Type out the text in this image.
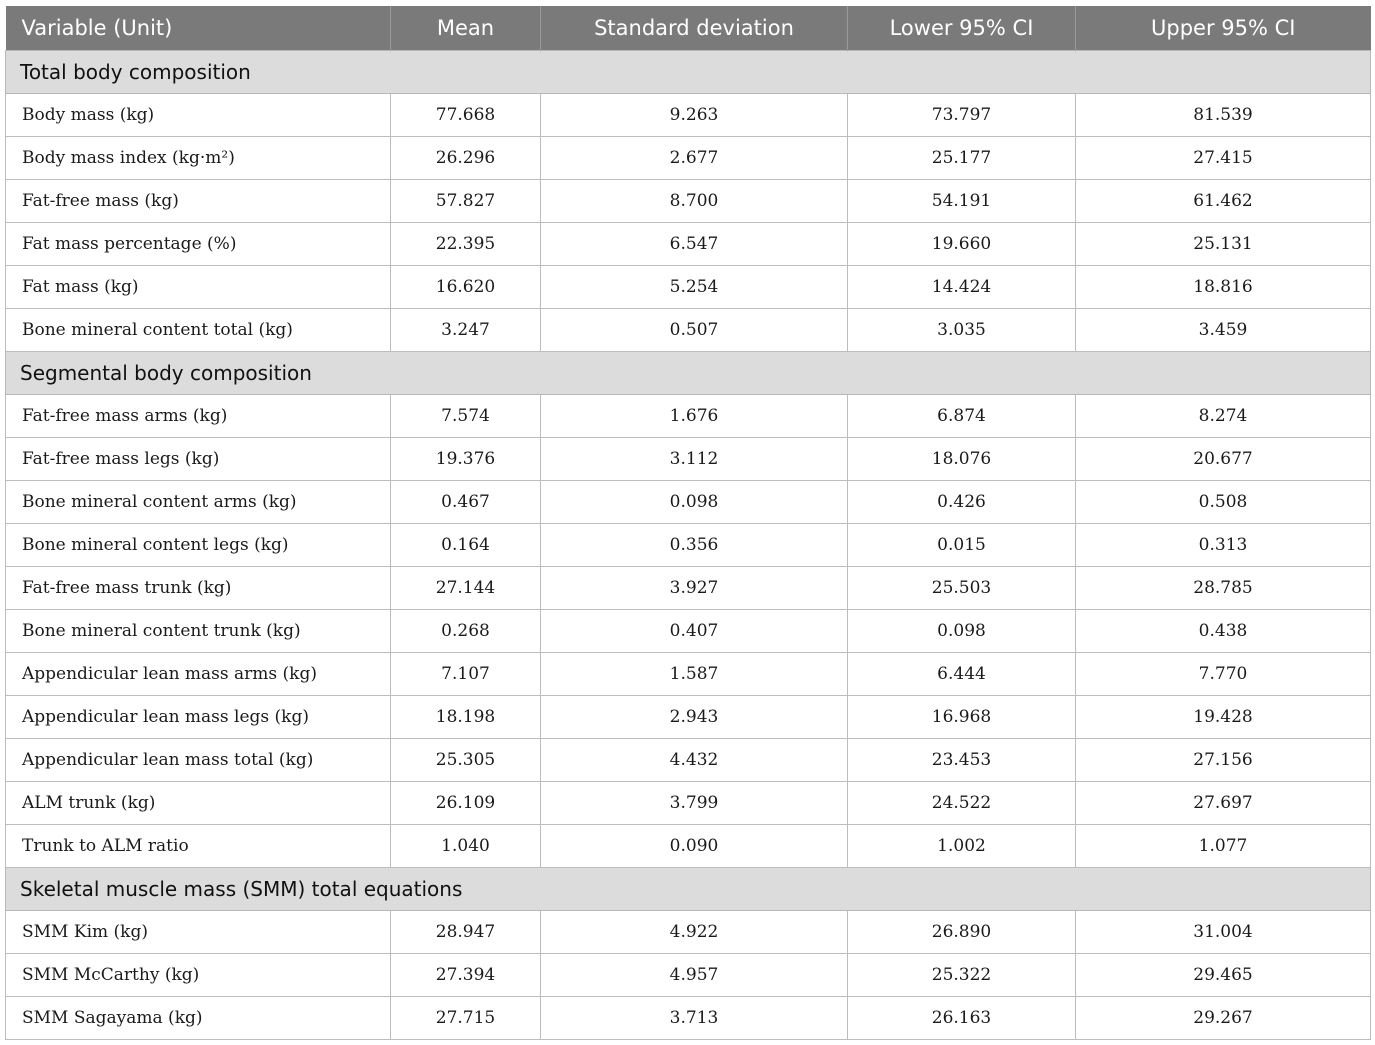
Variable (Unit)	Mean	Standard deviation	Lower 95% CI	Upper 95% CI
Total body composition				
Body mass (kg)	77.668	9.263	73.797	81.539
Body mass index (kg·m²)	26.296	2.677	25.177	27.415
Fat-free mass (kg)	57.827	8.700	54.191	61.462
Fat mass percentage (%)	22.395	6.547	19.660	25.131
Fat mass (kg)	16.620	5.254	14.424	18.816
Bone mineral content total (kg)	3.247	0.507	3.035	3.459
Segmental body composition				
Fat-free mass arms (kg)	7.574	1.676	6.874	8.274
Fat-free mass legs (kg)	19.376	3.112	18.076	20.677
Bone mineral content arms (kg)	0.467	0.098	0.426	0.508
Bone mineral content legs (kg)	0.164	0.356	0.015	0.313
Fat-free mass trunk (kg)	27.144	3.927	25.503	28.785
Bone mineral content trunk (kg)	0.268	0.407	0.098	0.438
Appendicular lean mass arms (kg)	7.107	1.587	6.444	7.770
Appendicular lean mass legs (kg)	18.198	2.943	16.968	19.428
Appendicular lean mass total (kg)	25.305	4.432	23.453	27.156
ALM trunk (kg)	26.109	3.799	24.522	27.697
Trunk to ALM ratio	1.040	0.090	1.002	1.077
Skeletal muscle mass (SMM) total equations				
SMM Kim (kg)	28.947	4.922	26.890	31.004
SMM McCarthy (kg)	27.394	4.957	25.322	29.465
SMM Sagayama (kg)	27.715	3.713	26.163	29.267
